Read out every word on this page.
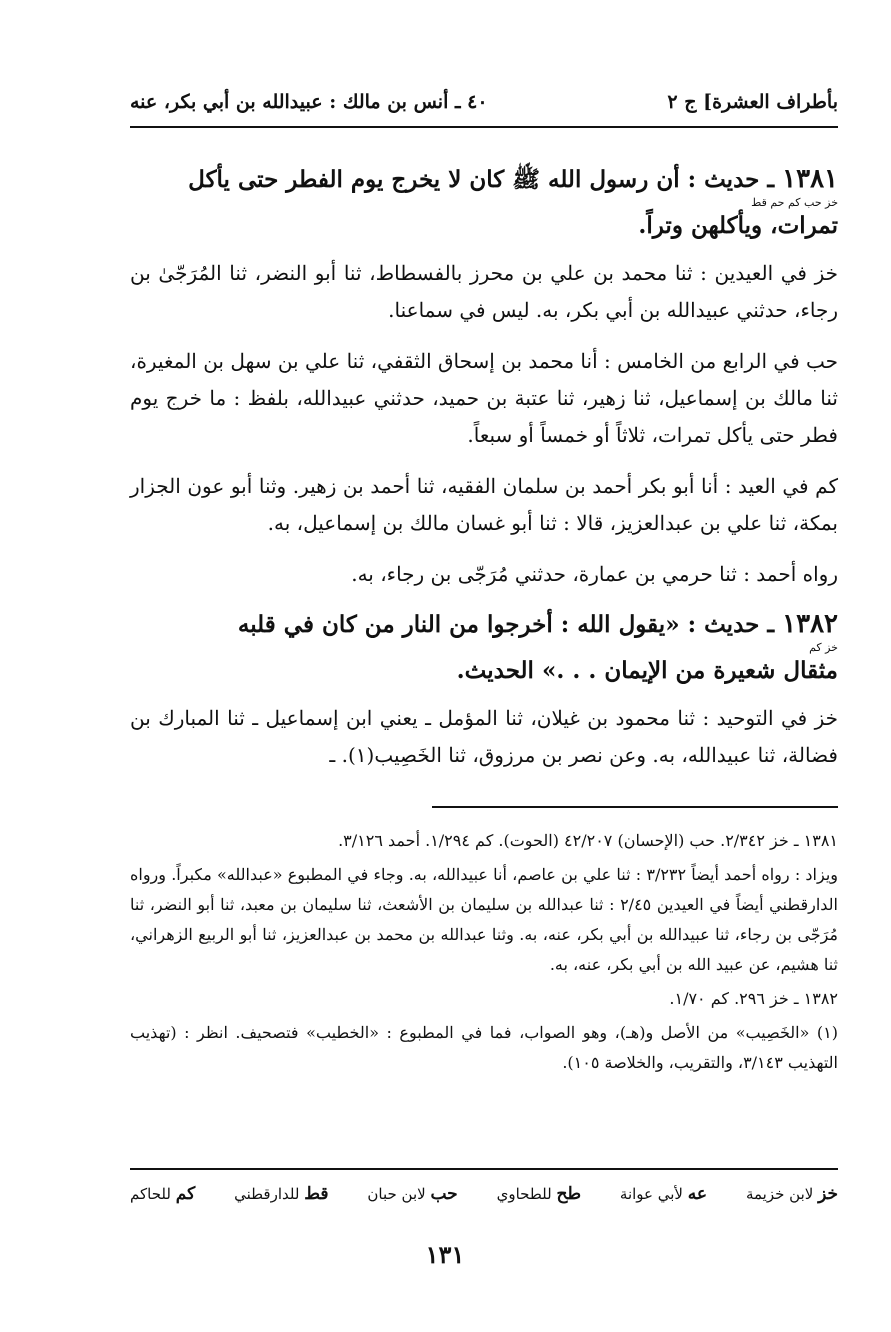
بأطراف العشرة] ج ٢
٤٠ ـ أنس بن مالك : عبيدالله بن أبي بكر، عنه
١٣٨١ ـ حديث : أن رسول الله ﷺ كان لا يخرج يوم الفطر حتى يأكل
خز حب كم حم قط
تمرات، ويأكلهن وتراً.

خز في العيدين : ثنا محمد بن علي بن محرز بالفسطاط، ثنا أبو النضر، ثنا المُرَجّىٰ بن رجاء، حدثني عبيدالله بن أبي بكر، به. ليس في سماعنا.

حب في الرابع من الخامس : أنا محمد بن إسحاق الثقفي، ثنا علي بن سهل بن المغيرة، ثنا مالك بن إسماعيل، ثنا زهير، ثنا عتبة بن حميد، حدثني عبيدالله، بلفظ : ما خرج يوم فطر حتى يأكل تمرات، ثلاثاً أو خمساً أو سبعاً.

كم في العيد : أنا أبو بكر أحمد بن سلمان الفقيه، ثنا أحمد بن زهير. وثنا أبو عون الجزار بمكة، ثنا علي بن عبدالعزيز، قالا : ثنا أبو غسان مالك بن إسماعيل، به.

رواه أحمد : ثنا حرمي بن عمارة، حدثني مُرَجّى بن رجاء، به.

١٣٨٢ ـ حديث : «يقول الله : أخرجوا من النار من كان في قلبه
خز كم
مثقال شعيرة من الإيمان . . .» الحديث.

خز في التوحيد : ثنا محمود بن غيلان، ثنا المؤمل ـ يعني ابن إسماعيل ـ ثنا المبارك بن فضالة، ثنا عبيدالله، به. وعن نصر بن مرزوق، ثنا الخَصِيب(١). ـ

١٣٨١ ـ خز ٢/٣٤٢. حب (الإحسان) ٤٢/٢٠٧ (الحوت). كم ١/٢٩٤. أحمد ٣/١٢٦.

ويزاد : رواه أحمد أيضاً ٣/٢٣٢ : ثنا علي بن عاصم، أنا عبيدالله، به. وجاء في المطبوع «عبدالله» مكبراً. ورواه الدارقطني أيضاً في العيدين ٢/٤٥ : ثنا عبدالله بن سليمان بن الأشعث، ثنا سليمان بن معبد، ثنا أبو النضر، ثنا مُرَجّى بن رجاء، ثنا عبيدالله بن أبي بكر، عنه، به. وثنا عبدالله بن محمد بن عبدالعزيز، ثنا أبو الربيع الزهراني، ثنا هشيم، عن عبيد الله بن أبي بكر، عنه، به.

١٣٨٢ ـ خز ٢٩٦. كم ١/٧٠.

(١) «الخَصِيب» من الأصل و(هـ)، وهو الصواب، فما في المطبوع : «الخطيب» فتصحيف. انظر : (تهذيب التهذيب ٣/١٤٣، والتقريب، والخلاصة ١٠٥).

خز لابن خزيمة
عه لأبي عوانة
طح للطحاوي
حب لابن حبان
قط للدارقطني
كم للحاكم
١٣١
